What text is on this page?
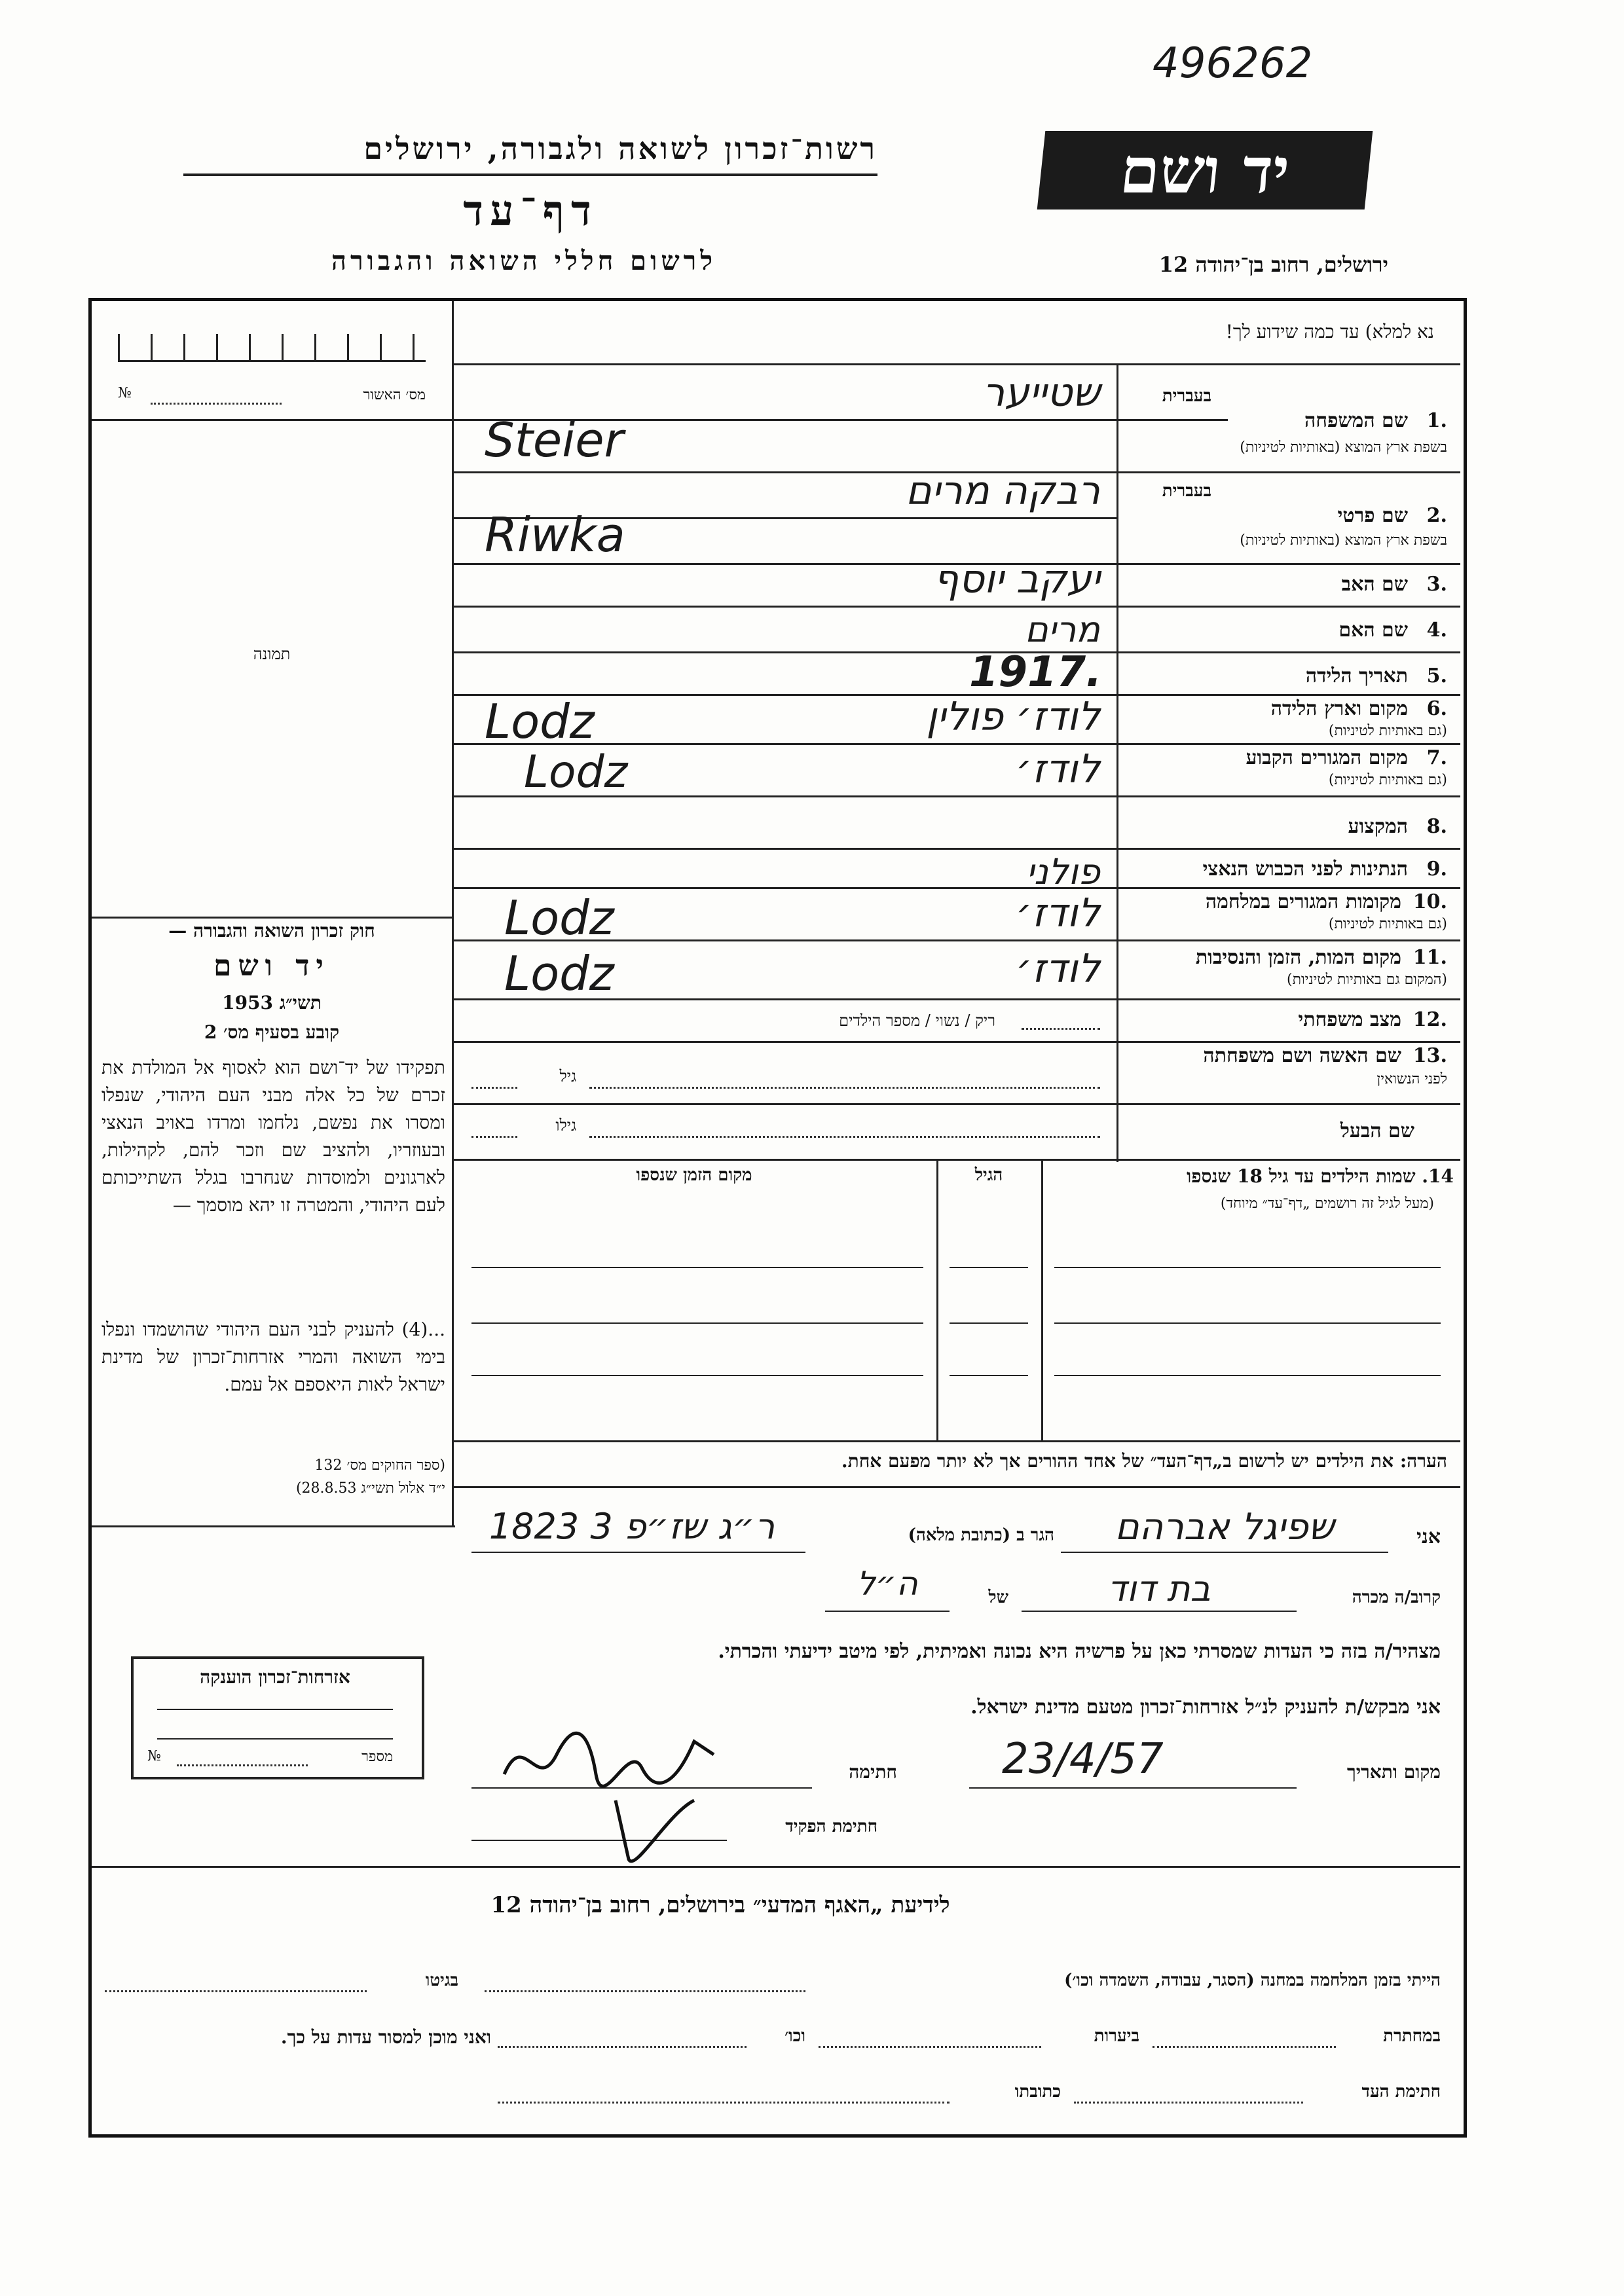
496262
רשות־זכרון לשואה ולגבורה, ירושלים
דף־עד
לרשום חללי השואה והגבורה
יד ושם
ירושלים, רחוב בן־יהודה 12
נא למלא) עד כמה שידוע לך!
מס׳ האשור
№
תמונה
חוק זכרון השואה והגבורה —
יד ושם
תשי״ג 1953
קובע בסעיף מס׳ 2
תפקידו של יד־ושם הוא לאסוף אל המולדת את זכרם של כל אלה מבני העם היהודי, שנפלו ומסרו את נפשם, נלחמו ומרדו באויב הנאצי ובעוזריו, ולהציב שם וזכר להם, לקהילות, לארגונים ולמוסדות שנחרבו בגלל השתייכותם לעם היהודי, והמטרה זו יהא מוסמך —
...(4) להעניק לבני העם היהודי שהושמדו ונפלו בימי השואה והמרי אזרחות־זכרון של מדינת ישראל לאות היאספם אל עמם.
(ספר החוקים מס׳ 132
י״ד אלול תשי״ג 28.8.53)
בעברית
בעברית
1.
שם המשפחה
בשפת ארץ המוצא (באותיות לטיניות)
שטייער
Steier
2.
שם פרטי
בשפת ארץ המוצא (באותיות לטיניות)
רבקה מרים
Riwka
3.
שם האב
יעקב יוסף
4.
שם האם
מרים
5.
תאריך הלידה
1917.
6.
מקום וארץ הלידה
(גם באותיות לטיניות)
לודז׳ פולין
Lodz
7.
מקום המגורים הקבוע
(גם באותיות לטיניות)
לודז׳
Lodz
8.
המקצוע
9.
הנתינות לפני הכבוש הנאצי
פולני
10.
מקומות המגורים במלחמה
(גם באותיות לטיניות)
לודז׳
Lodz
11.
מקום המות, הזמן והנסיבות
(המקום גם באותיות לטיניות)
לודז׳
Lodz
12.
מצב משפחתי
ריק / נשוי / מספר הילדים
13.
שם האשה ושם משפחתה
לפני הנשואין
גיל
שם הבעל
גילו
14. שמות הילדים עד גיל 18 שנספו
(מעל לגיל זה רושמים „דף־עד״ מיוחד)
הגיל
מקום הזמן שנספו
הערה: את הילדים יש לרשום ב„דף־העד״ של אחד ההורים אך לא יותר מפעם אחת.
אני
שפיגל אברהם
הגר ב (כתובת מלאה)
ר״ג שז״פ 3 1823
קרוב/ה מכרה
בת דוד
של
ה״ל
מצהיר/ה בזה כי העדות שמסרתי כאן על פרשיה היא נכונה ואמיתית, לפי מיטב ידיעתי והכרתי.
אני מבקש/ת להעניק לנ״ל אזרחות־זכרון מטעם מדינת ישראל.
מקום ותאריך
23/4/57
חתימה
חתימת הפקיד
אזרחות־זכרון הוענקה
מספר
№
לידיעת „האגף המדעי״ בירושלים, רחוב בן־יהודה 12
הייתי בזמן המלחמה במחנה (הסגר, עבודה, השמדה וכו׳)
בגיטו
במחתרת
ביערות
וכו׳
ואני מוכן למסור עדות על כך.
חתימת העד
כתובתו
